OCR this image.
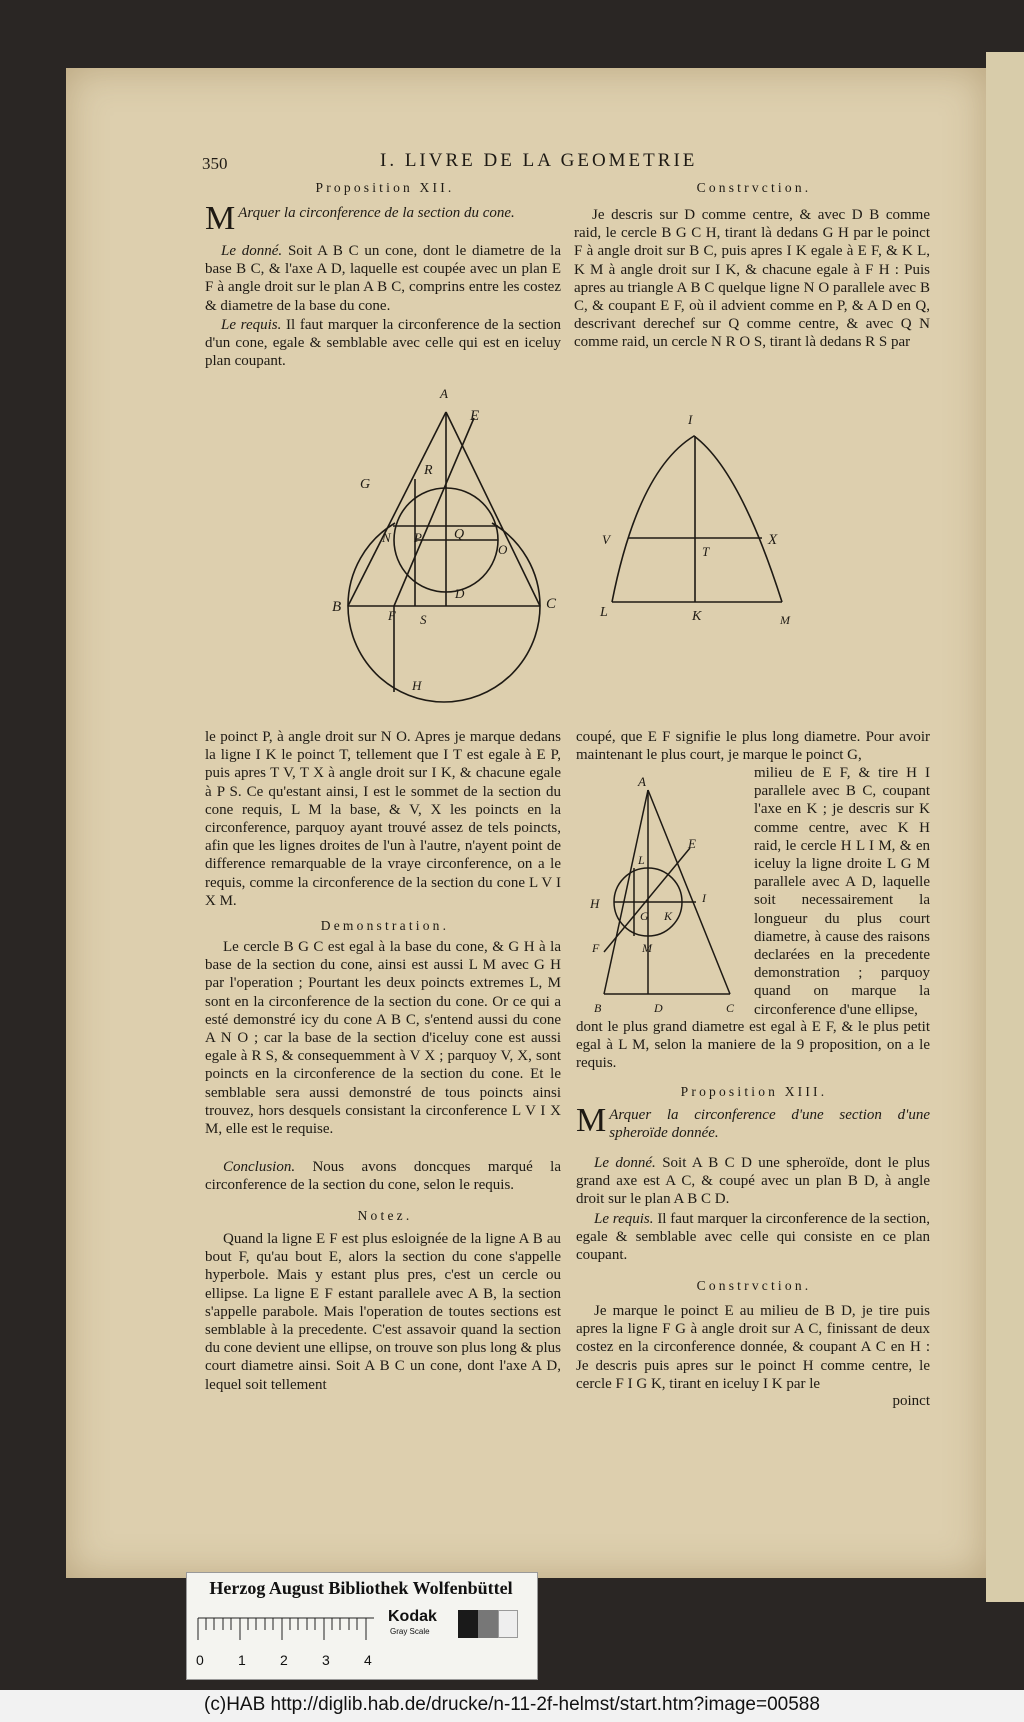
350	I. LIVRE DE LA GEOMETRIE
Proposition XII.
M Arquer la circonference de la section du cone.
Le donné. Soit A B C un cone, dont le diametre de la base B C, & l'axe A D, laquelle est coupée avec un plan E F à angle droit sur le plan A B C, comprins entre les costez & diametre de la base du cone.
Le requis. Il faut marquer la circonference de la section d'un cone, egale & semblable avec celle qui est en iceluy plan coupant.
Constrvction.
Je descris sur D comme centre, & avec D B comme raid, le cercle B G C H, tirant là dedans G H par le poinct F à angle droit sur B C, puis apres I K egale à E F, & K L, K M à angle droit sur I K, & chacune egale à F H : Puis apres au triangle A B C quelque ligne N O parallele avec B C, & coupant E F, où il advient comme en P, & A D en Q, descrivant derechef sur Q comme centre, & avec Q N comme raid, un cercle N R O S, tirant là dedans R S par
A
E
G
R
N P Q
O
D
B	C
F S
H
I
V	X
T
L	K	M
le poinct P, à angle droit sur N O. Apres je marque dedans la ligne I K le poinct T, tellement que I T est egale à E P, puis apres T V, T X à angle droit sur I K, & chacune egale à P S. Ce qu'estant ainsi, I est le sommet de la section du cone requis, L M la base, & V, X les poincts en la circonference, parquoy ayant trouvé assez de tels poincts, afin que les lignes droites de l'un à l'autre, n'ayent point de difference remarquable de la vraye circonference, on a le requis, comme la circonference de la section du cone L V I X M.
Demonstration.
Le cercle B G C est egal à la base du cone, & G H à la base de la section du cone, ainsi est aussi L M avec G H par l'operation ; Pourtant les deux poincts extremes L, M sont en la circonference de la section du cone. Or ce qui a esté demonstré icy du cone A B C, s'entend aussi du cone A N O ; car la base de la section d'iceluy cone est aussi egale à R S, & consequemment à V X ; parquoy V, X, sont poincts en la circonference de la section du cone. Et le semblable sera aussi demonstré de tous poincts ainsi trouvez, hors desquels consistant la circonference L V I X M, elle est le requise.
Conclusion. Nous avons doncques marqué la circonference de la section du cone, selon le requis.
Notez.
Quand la ligne E F est plus esloignée de la ligne A B au bout F, qu'au bout E, alors la section du cone s'appelle hyperbole. Mais y estant plus pres, c'est un cercle ou ellipse. La ligne E F estant parallele avec A B, la section s'appelle parabole. Mais l'operation de toutes sections est semblable à la precedente. C'est assavoir quand la section du cone devient une ellipse, on trouve son plus long & plus court diametre ainsi. Soit A B C un cone, dont l'axe A D, lequel soit tellement
coupé, que E F signifie le plus long diametre. Pour avoir maintenant le plus court, je marque le poinct G,
A
L
E
I
H
G K
F	M
B	D	C
milieu de E F, & tire H I parallele avec B C, coupant l'axe en K ; je descris sur K comme centre, avec K H raid, le cercle H L I M, & en iceluy la ligne droite L G M parallele avec A D, laquelle soit necessairement la longueur du plus court diametre, à cause des raisons declarées en la precedente demonstration ; parquoy quand on marque la circonference d'une ellipse,
dont le plus grand diametre est egal à E F, & le plus petit egal à L M, selon la maniere de la 9 proposition, on a le requis.
Proposition XIII.
M Arquer la circonference d'une section d'une spheroïde donnée.
Le donné. Soit A B C D une spheroïde, dont le plus grand axe est A C, & coupé avec un plan B D, à angle droit sur le plan A B C D.
Le requis. Il faut marquer la circonference de la section, egale & semblable avec celle qui consiste en ce plan coupant.
Constrvction.
Je marque le poinct E au milieu de B D, je tire puis apres la ligne F G à angle droit sur A C, finissant de deux costez en la circonference donnée, & coupant A C en H : Je descris puis apres sur le poinct H comme centre, le cercle F I G K, tirant en iceluy I K par le
poinct
Herzog August Bibliothek Wolfenbüttel
Kodak
Gray Scale
0 1 2 3 4
(c)HAB http://diglib.hab.de/drucke/n-11-2f-helmst/start.htm?image=00588
